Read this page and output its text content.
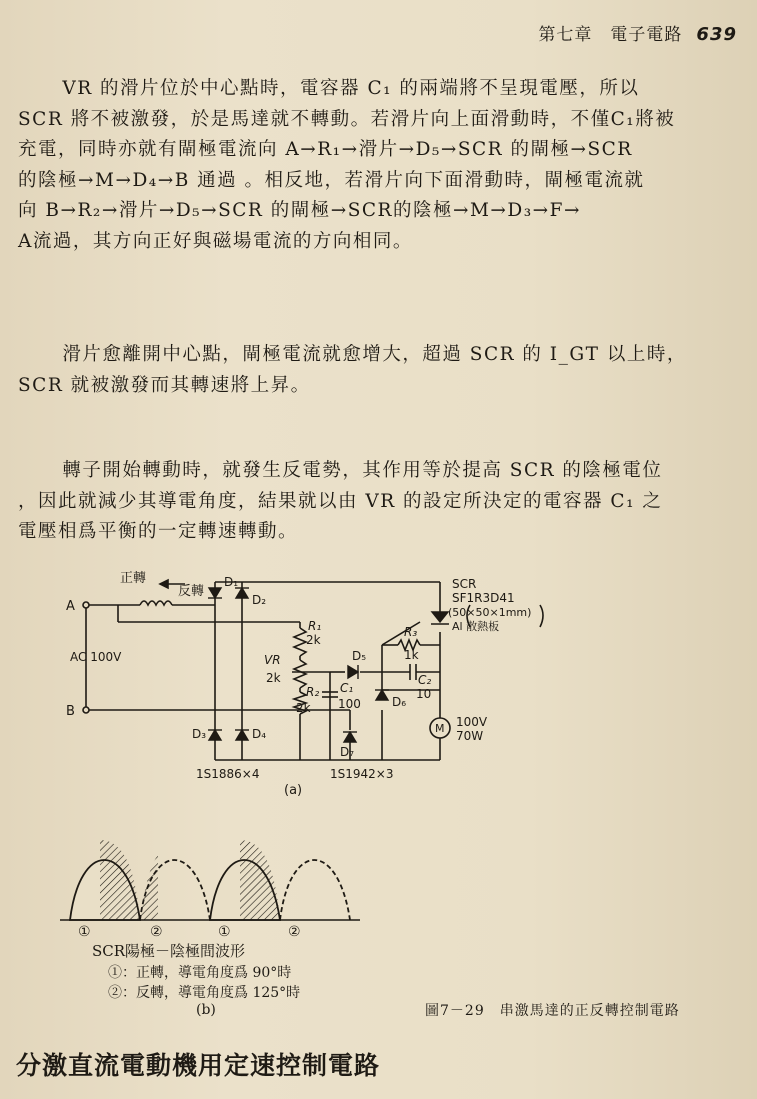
第七章　電子電路 639

VR 的滑片位於中心點時，電容器 C₁ 的兩端將不呈現電壓，所以

SCR 將不被激發，於是馬達就不轉動。若滑片向上面滑動時，不僅C₁將被

充電，同時亦就有閘極電流向 A→R₁→滑片→D₅→SCR 的閘極→SCR

的陰極→M→D₄→B 通過 。相反地，若滑片向下面滑動時，閘極電流就

向 B→R₂→滑片→D₅→SCR 的閘極→SCR的陰極→M→D₃→F→

A流過，其方向正好與磁場電流的方向相同。

滑片愈離開中心點，閘極電流就愈增大，超過 SCR 的 I_GT 以上時，

SCR 就被激發而其轉速將上昇。

轉子開始轉動時，就發生反電勢，其作用等於提高 SCR 的陰極電位

，因此就減少其導電角度，結果就以由 VR 的設定所決定的電容器 C₁ 之

電壓相爲平衡的一定轉速轉動。

正轉
反轉
A
B
AC 100V
D₁
D₂
D₃	D₄
D₅
D₆
D₇
R₁
2k
VR
2k
R₂
2k
C₁
100
R₃
1k
C₂
10
SCR
SF1R3D41
(50×50×1mm)
Al 散熱板
M 100V
70W
1S1886×4	1S1942×3
(a)
①	②	①	②
SCR陽極－陰極間波形
①：正轉，導電角度爲 90°時
②：反轉，導電角度爲 125°時
(b)	圖7－29　串激馬達的正反轉控制電路
分激直流電動機用定速控制電路
